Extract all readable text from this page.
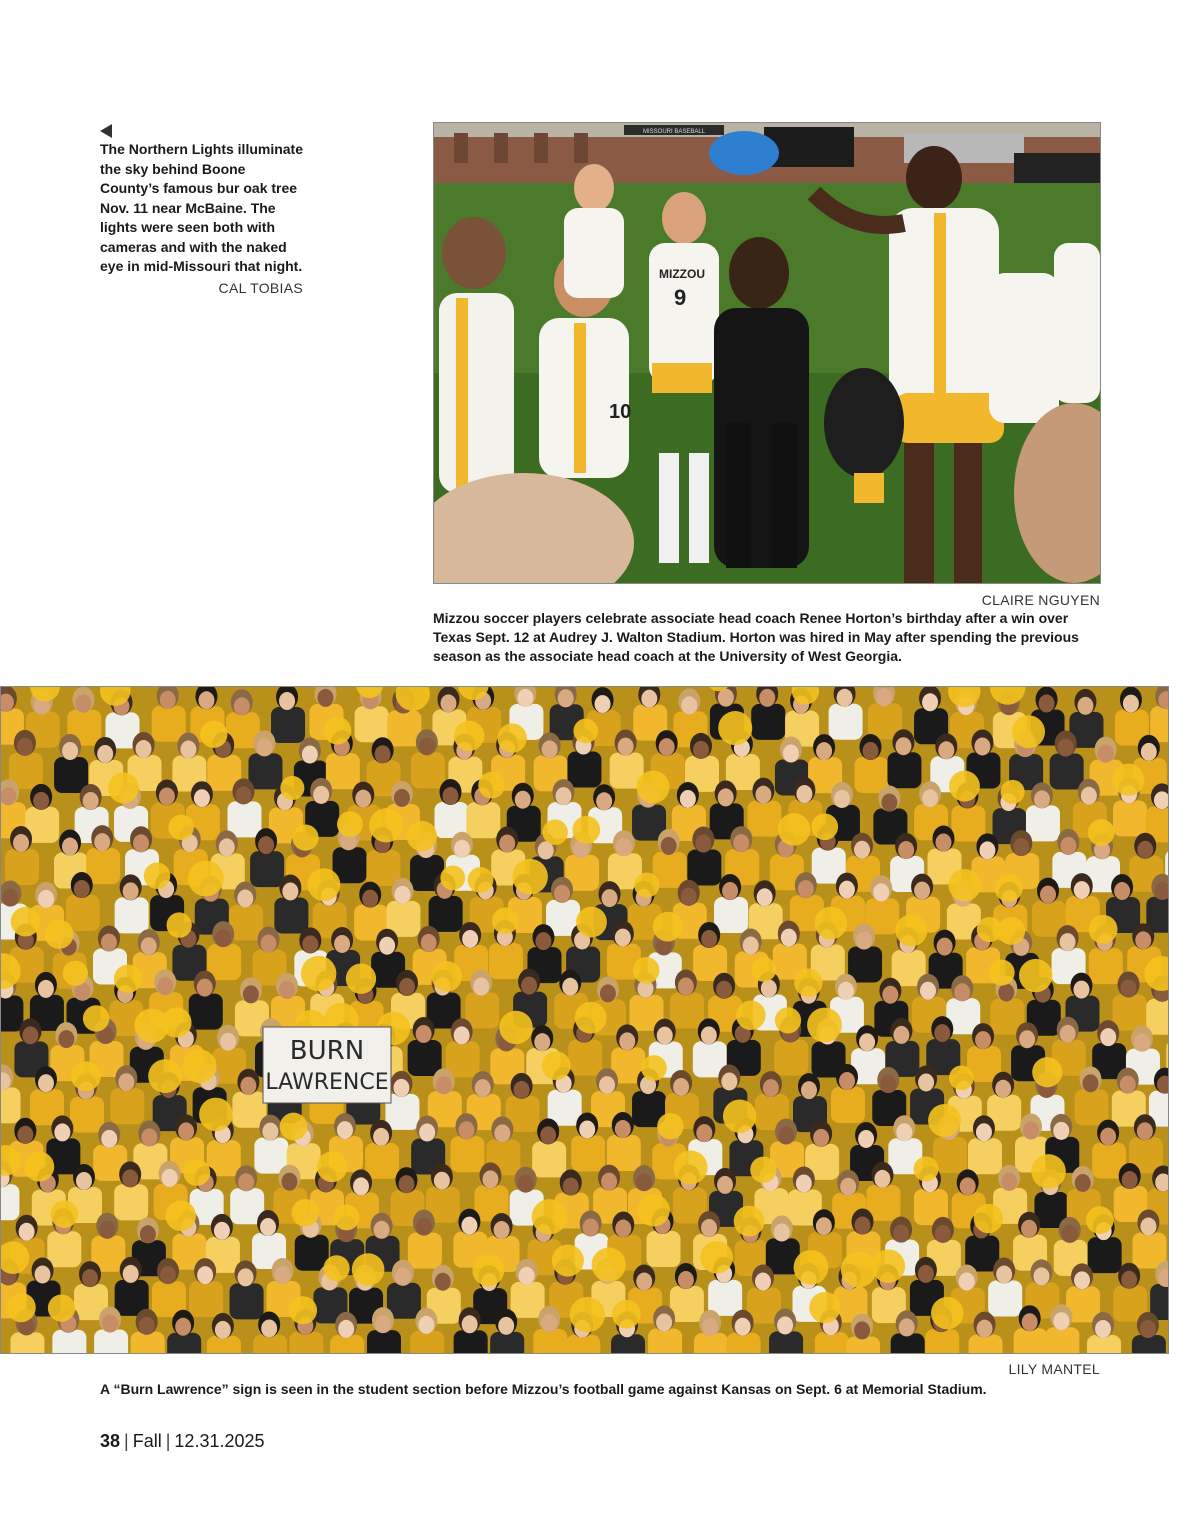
The Northern Lights illuminate the sky behind Boone County’s famous bur oak tree Nov. 11 near McBaine. The lights were seen both with cameras and with the naked eye in mid-Missouri that night.
CAL TOBIAS
MISSOURI BASEBALL
10
MIZZOU
9
CLAIRE NGUYEN
Mizzou soccer players celebrate associate head coach Renee Horton’s birthday after a win over Texas Sept. 12 at Audrey J. Walton Stadium. Horton was hired in May after spending the previous season as the associate head coach at the University of West Georgia.
BURN
LAWRENCE
LILY MANTEL
A “Burn Lawrence” sign is seen in the student section before Mizzou’s football game against Kansas on Sept. 6 at Memorial Stadium.
38 | Fall | 12.31.2025
